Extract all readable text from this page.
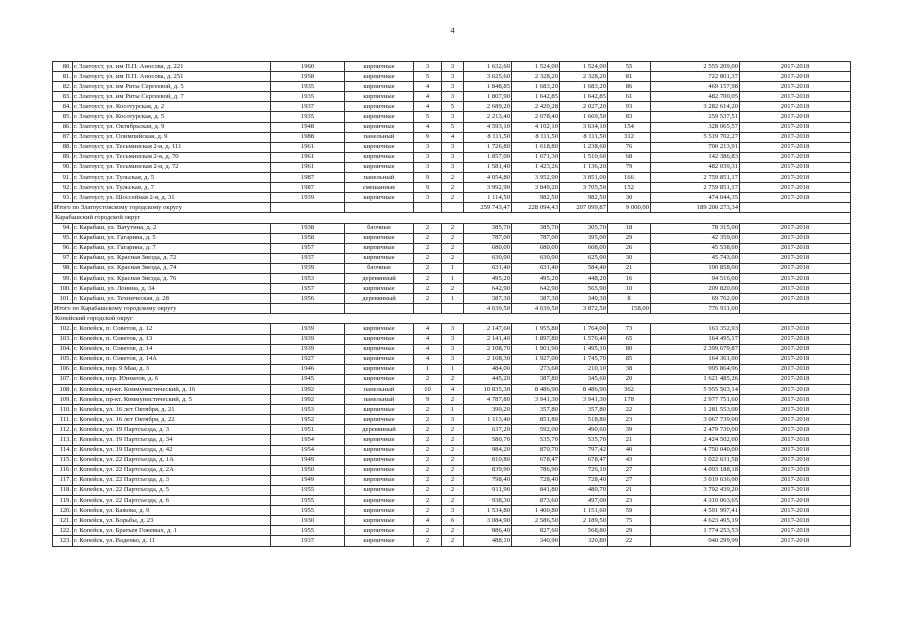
4
80.	г. Златоуст, ул. им П.П. Аносова, д. 221	1960	кирпичные	3	3	1 632,60	1 524,00	1 524,00	55	2 555 209,00	2017-2018
81.	г. Златоуст, ул. им П.П. Аносова, д. 251	1958	кирпичные	5	3	3 625,60	2 328,20	2 328,20	81	722 801,37	2017-2018
82.	г. Златоуст, ул. им Риты Сергеевой, д. 5	1935	кирпичные	4	3	1 848,85	1 683,20	1 683,20	86	469 157,98	2017-2018
83.	г. Златоуст, ул. им Риты Сергеевой, д. 7	1935	кирпичные	4	3	1 807,90	1 642,85	1 642,85	61	482 700,05	2017-2018
84.	г. Златоуст, ул. Косотурская, д. 2	1937	кирпичные	4	5	2 689,20	2 420,28	2 027,20	93	3 282 614,20	2017-2018
85.	г. Златоуст, ул. Косотурская, д. 5	1935	кирпичные	5	3	2 213,40	2 078,40	1 669,50	83	259 537,51	2017-2018
86.	г. Златоуст, ул. Октябрьская, д. 9	1948	кирпичные	4	5	4 593,10	4 102,10	3 634,10	154	328 065,57	2017-2018
87.	г. Златоуст, ул. Олимпийская, д. 9	1988	панельный	9	4	8 111,50	8 111,50	8 111,50	312	5 519 702,27	2017-2018
88.	г. Златоуст, ул. Тесьминская 2-я, д. 111	1961	кирпичные	3	3	1 726,80	1 618,80	1 238,60	76	700 213,91	2017-2018
89.	г. Златоуст, ул. Тесьминская 2-я, д. 70	1961	кирпичные	3	3	1 857,00	1 671,30	1 510,60	68	142 386,83	2017-2018
90.	г. Златоуст, ул. Тесьминская 2-я, д. 72	1961	кирпичные	3	3	1 581,40	1 423,26	1 136,20	79	482 039,31	2017-2018
91.	г. Златоуст, ул. Тульская, д. 5	1987	панельный	9	2	4 054,80	3 952,90	3 851,00	166	2 759 851,17	2017-2018
92.	г. Златоуст, ул. Тульская, д. 7	1987	смешанные	9	2	3 992,90	3 849,20	3 705,50	152	2 759 851,17	2017-2018
93.	г. Златоуст, ул. Шоссейная 2-я, д. 31	1939	кирпичные	3	2	1 114,50	982,50	982,50	30	474 044,35	2017-2018
Итого по Златоустовскому городскому округу						259 743,47	228 094,43	207 099,87	9 000,00	189 200 273,34	
Карабашский городской округ											
94.	г. Карабаш, ул. Ватутина, д. 2	1938	блочные	2	2	385,70	385,70	305,70	18	78 315,00	2017-2018
95.	г. Карабаш, ул. Гагарина, д. 5	1958	кирпичные	2	2	787,00	787,00	395,00	29	42 359,00	2017-2018
96.	г. Карабаш, ул. Гагарина, д. 7	1957	кирпичные	2	2	680,00	680,00	608,00	26	45 538,00	2017-2018
97.	г. Карабаш, ул. Красная Звезда, д. 72	1937	кирпичные	2	2	630,00	630,00	625,00	30	45 743,00	2017-2018
98.	г. Карабаш, ул. Красная Звезда, д. 74	1939	блочные	2	1	631,40	631,40	584,40	21	190 858,00	2017-2018
99.	г. Карабаш, ул. Красная Звезда, д. 76	1953	деревянный	2	1	495,20	495,20	448,20	16	94 516,00	2017-2018
100.	г. Карабаш, ул. Лонина, д. 34	1957	кирпичные	2	2	642,90	642,90	565,90	10	209 820,00	2017-2018
101.	г. Карабаш, ул. Техническая, д. 28	1956	деревянный	2	1	387,30	387,30	340,30	8	69 762,00	2017-2018
Итого по Карабашскому городскому округу						4 639,50	4 639,50	3 872,50	158,00	776 911,00	
Копейский городской округ											
102.	г. Копейск, п. Советов, д. 12	1939	кирпичные	4	3	2 147,60	1 955,80	1 764,00	73	163 352,93	2017-2018
103.	г. Копейск, п. Советов, д. 13	1939	кирпичные	4	3	2 141,40	1 897,80	1 576,40	65	164 495,17	2017-2018
104.	г. Копейск, п. Советов, д. 14	1939	кирпичные	4	3	2 108,70	1 901,90	1 495,10	80	2 399 679,87	2017-2018
105.	г. Копейск, п. Советов, д. 14А	1927	кирпичные	4	3	2 108,30	1 927,00	1 745,70	85	164 361,00	2017-2018
106.	г. Копейск, пер. 9 Мая, д. 3	1946	кирпичные	1	1	484,00	273,60	210,10	38	995 864,96	2017-2018
107.	г. Копейск, пер. Юннатов, д. 6	1945	кирпичные	2	2	445,20	387,80	345,60	20	1 621 485,26	2017-2018
108.	г. Копейск, пр-кт. Коммунистический, д. 16	1992	панельный	10	4	10 835,30	8 486,90	8 486,90	362	5 955 503,14	2017-2018
109.	г. Копейск, пр-кт. Коммунистический, д. 5	1992	панельный	9	2	4 787,80	3 941,30	3 941,30	178	2 977 751,60	2017-2018
110.	г. Копейск, ул. 16 лет Октября, д. 21	1953	кирпичные	2	1	390,20	357,80	357,80	22	1 281 553,00	2017-2018
111.	г. Копейск, ул. 16 лет Октября, д. 22	1952	кирпичные	2	3	1 113,40	851,80	518,80	23	3 067 739,00	2017-2018
112.	г. Копейск, ул. 19 Партсъезда, д. 3	1951	деревянный	2	2	637,20	592,00	490,60	39	2 479 730,00	2017-2018
113.	г. Копейск, ул. 19 Партсъезда, д. 34	1954	кирпичные	2	2	580,70	535,70	535,70	21	2 424 502,00	2017-2018
114.	г. Копейск, ул. 19 Партсъезда, д. 42	1954	кирпичные	2	2	984,20	870,70	797,42	40	4 750 040,00	2017-2018
115.	г. Копейск, ул. 22 Партсъезда, д. 1А	1949	кирпичные	2	2	810,80	678,47	678,47	43	1 022 631,58	2017-2018
116.	г. Копейск, ул. 22 Партсъезда, д. 2А	1950	кирпичные	2	2	839,90	786,90	726,10	27	4 093 188,18	2017-2018
117.	г. Копейск, ул. 22 Партсъезда, д. 3	1949	кирпичные	2	2	798,40	728,40	728,40	27	3 019 636,00	2017-2018
118.	г. Копейск, ул. 22 Партсъезда, д. 5	1955	кирпичные	2	2	911,90	841,80	480,70	21	3 792 439,20	2017-2018
119.	г. Копейск, ул. 22 Партсъезда, д. 6	1955	кирпичные	2	2	938,30	873,60	497,00	23	4 310 063,65	2017-2018
120.	г. Копейск, ул. Бажова, д. 9	1955	кирпичные	2	3	1 534,80	1 400,80	1 151,60	59	4 591 997,41	2017-2018
121.	г. Копейск, ул. Борьбы, д. 23	1930	кирпичные	4	6	3 084,90	2 586,50	2 189,50	75	4 623 495,19	2017-2018
122.	г. Копейск, ул. Братьев Гожевых, д. 1	1955	кирпичные	2	2	886,40	827,60	568,80	29	1 774 253,53	2017-2018
123.	г. Копейск, ул. Ваденко, д. 11	1937	кирпичные	2	2	488,10	340,90	320,80	22	940 299,99	2017-2018
